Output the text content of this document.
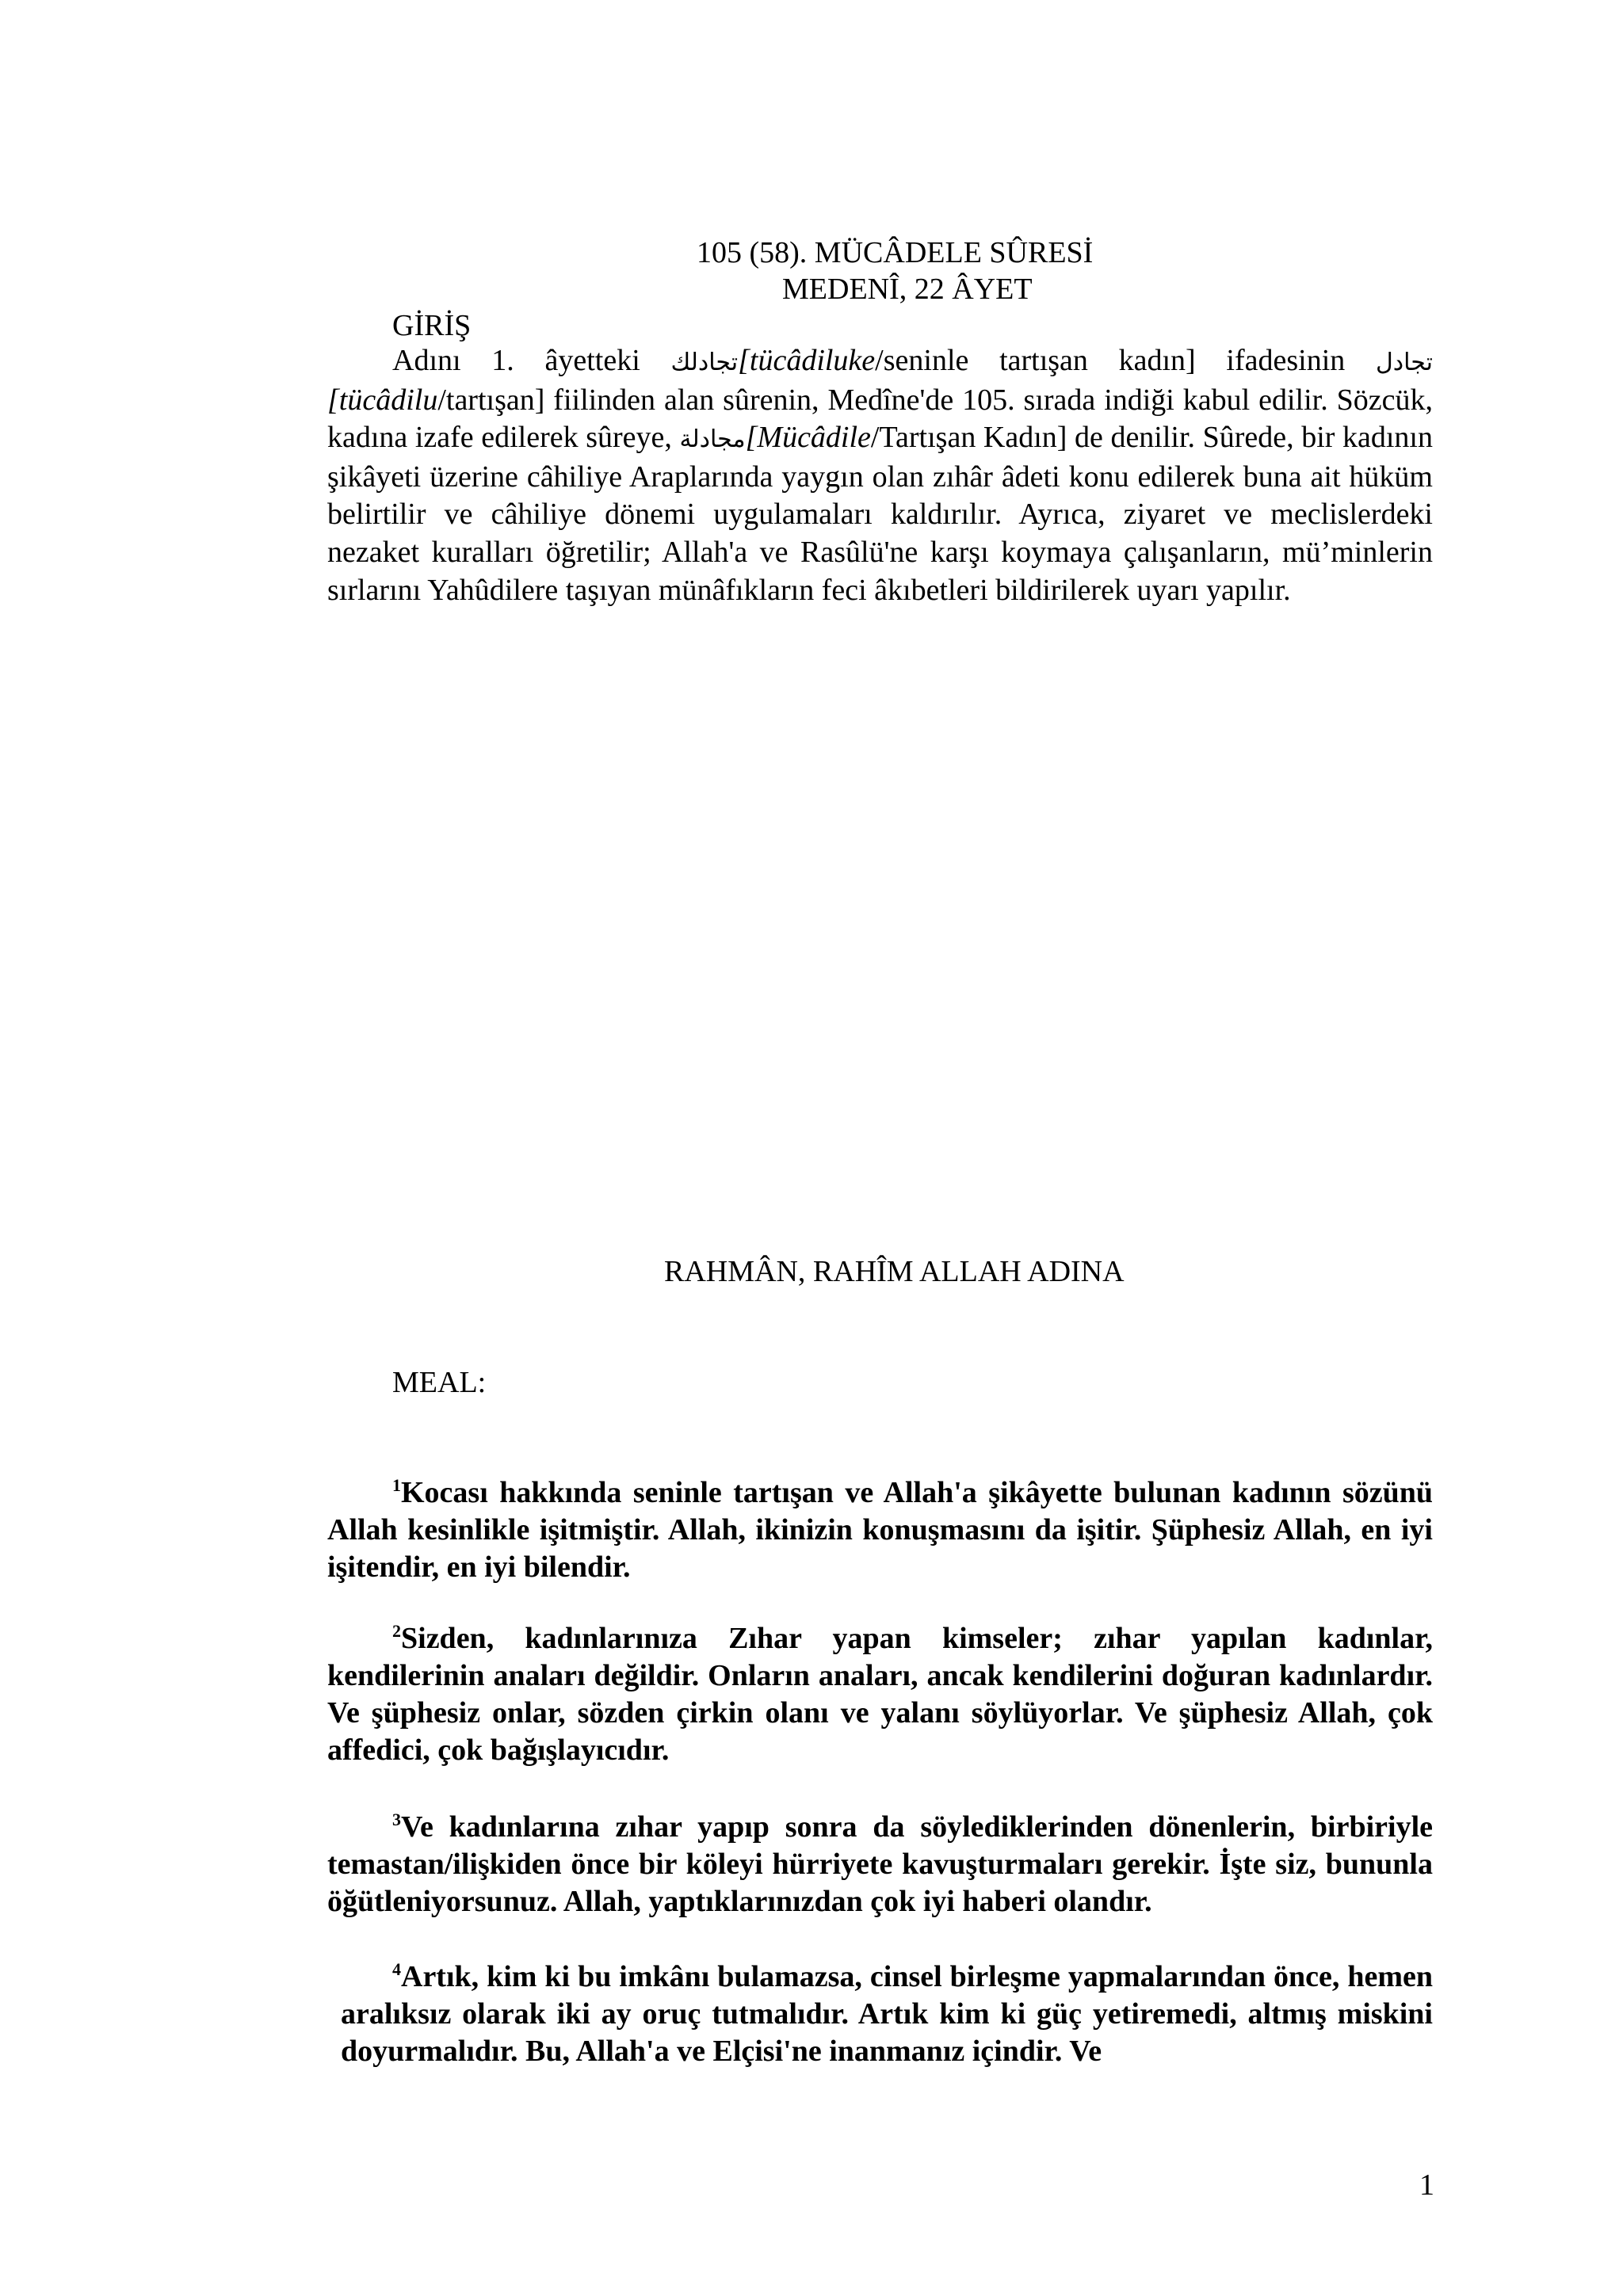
105 (58). MÜCÂDELE SÛRESİ
MEDENÎ, 22 ÂYET
GİRİŞ
Adını 1. âyetteki تجادلك[tücâdiluke/seninle tartışan kadın] ifadesinin تجادل [tücâdilu/tartışan] fiilinden alan sûrenin, Medîne'de 105. sırada indiği kabul edilir. Sözcük, kadına izafe edilerek sûreye, مجادلة[Mücâdile/Tartışan Kadın] de denilir. Sûrede, bir kadının şikâyeti üzerine câhiliye Araplarında yaygın olan zıhâr âdeti konu edilerek buna ait hüküm belirtilir ve câhiliye dönemi uygulamaları kaldırılır. Ayrıca, ziyaret ve meclislerdeki nezaket kuralları öğretilir; Allah'a ve Rasûlü'ne karşı koymaya çalışanların, mü’minlerin sırlarını Yahûdilere taşıyan münâfıkların feci âkıbetleri bildirilerek uyarı yapılır.
RAHMÂN, RAHÎM ALLAH ADINA
MEAL:
$^1$Kocası hakkında seninle tartışan ve Allah'a şikâyette bulunan kadının sözünü Allah kesinlikle işitmiştir. Allah, ikinizin konuşmasını da işitir. Şüphesiz Allah, en iyi işitendir, en iyi bilendir.
$^2$Sizden, kadınlarınıza Zıhar yapan kimseler; zıhar yapılan kadınlar, kendilerinin anaları değildir. Onların anaları, ancak kendilerini doğuran kadınlardır. Ve şüphesiz onlar, sözden çirkin olanı ve yalanı söylüyorlar. Ve şüphesiz Allah, çok affedici, çok bağışlayıcıdır.
$^3$Ve kadınlarına zıhar yapıp sonra da söylediklerinden dönenlerin, birbiriyle temastan/ilişkiden önce bir köleyi hürriyete kavuşturmaları gerekir. İşte siz, bununla öğütleniyorsunuz. Allah, yaptıklarınızdan çok iyi haberi olandır.
$^4$Artık, kim ki bu imkânı bulamazsa, cinsel birleşme yapmalarından önce, hemen aralıksız olarak iki ay oruç tutmalıdır. Artık kim ki güç yetiremedi, altmış miskini doyurmalıdır. Bu, Allah'a ve Elçisi'ne inanmanız içindir. Ve
1
